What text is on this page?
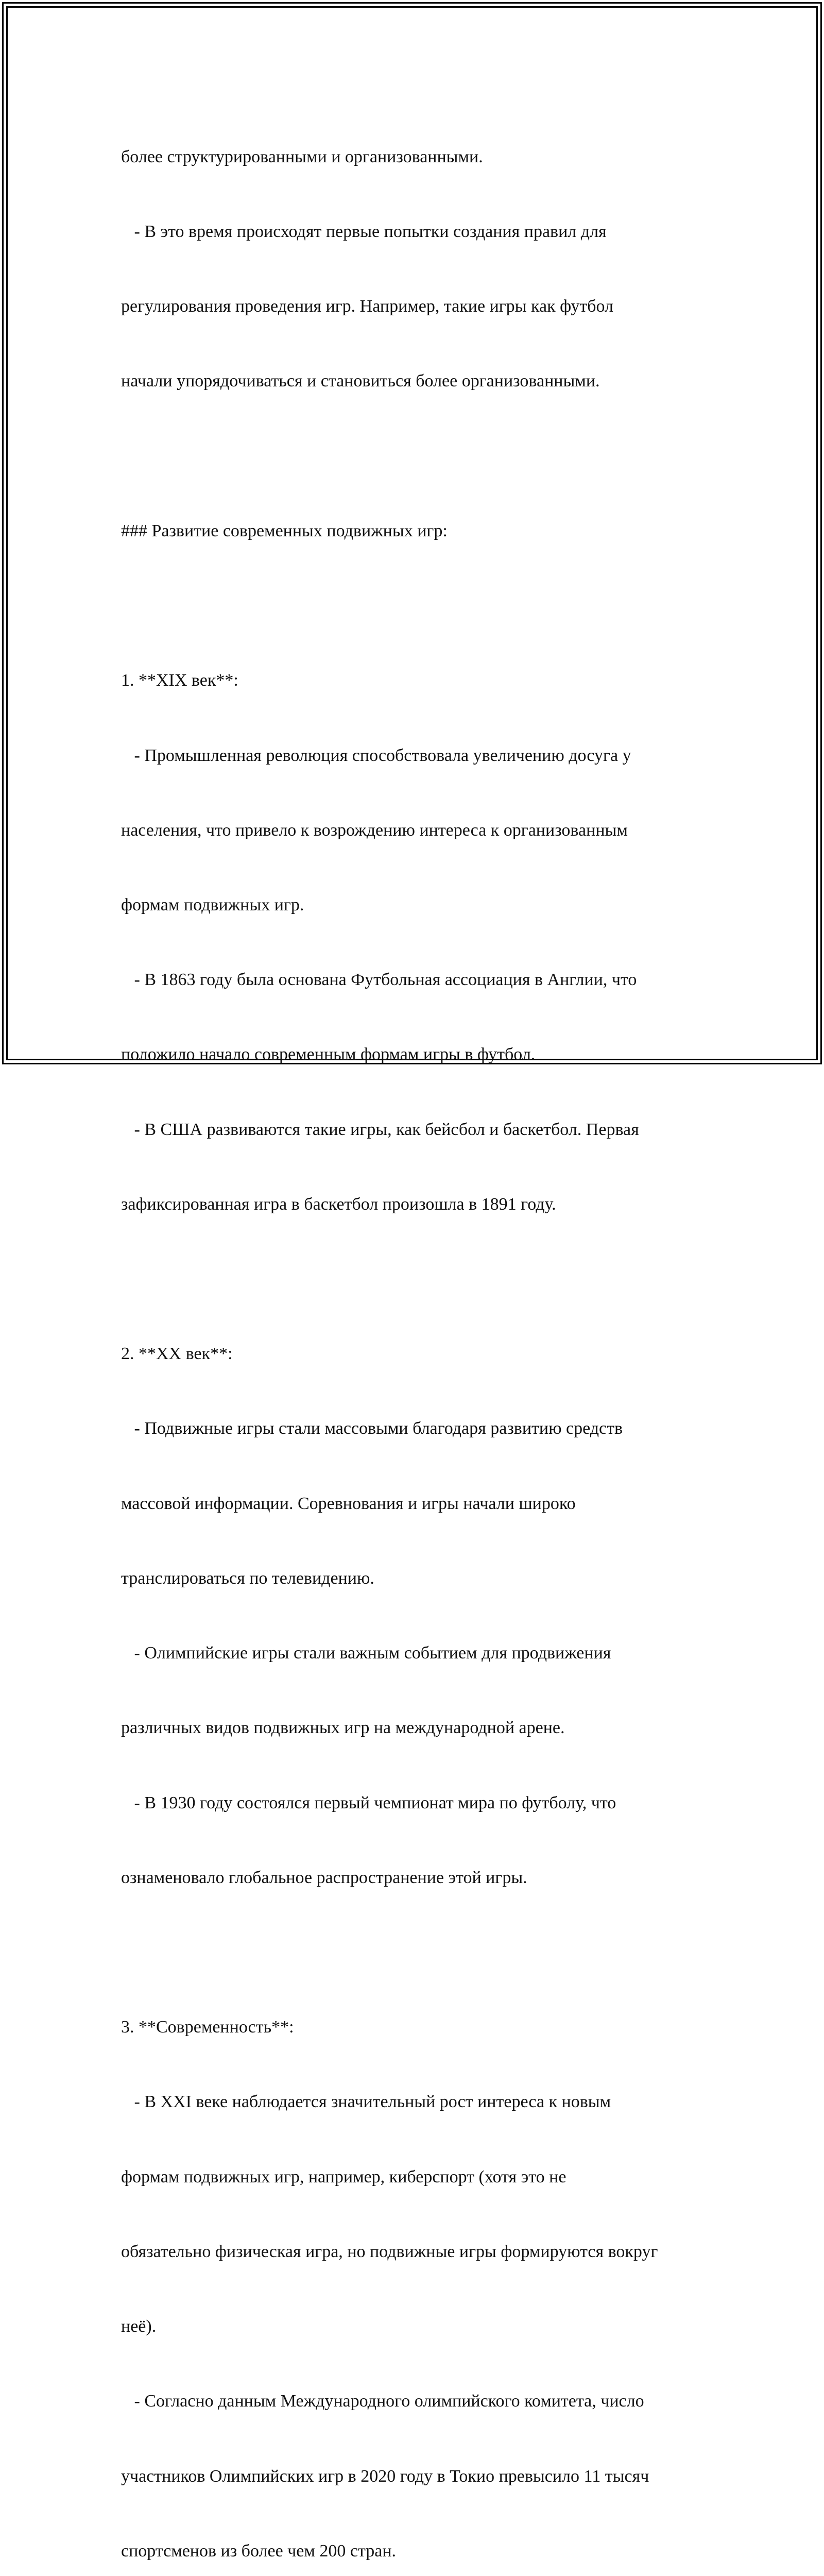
более структурированными и организованными.

- В это время происходят первые попытки создания правил для

регулирования проведения игр. Например, такие игры как футбол

начали упорядочиваться и становиться более организованными.

### Развитие современных подвижных игр:

1. **XIX век**:

- Промышленная революция способствовала увеличению досуга у

населения, что привело к возрождению интереса к организованным

формам подвижных игр.

- В 1863 году была основана Футбольная ассоциация в Англии, что

положило начало современным формам игры в футбол.

- В США развиваются такие игры, как бейсбол и баскетбол. Первая

зафиксированная игра в баскетбол произошла в 1891 году.

2. **XX век**:

- Подвижные игры стали массовыми благодаря развитию средств

массовой информации. Соревнования и игры начали широко

транслироваться по телевидению.

- Олимпийские игры стали важным событием для продвижения

различных видов подвижных игр на международной арене.

- В 1930 году состоялся первый чемпионат мира по футболу, что

ознаменовало глобальное распространение этой игры.

3. **Современность**:

- В XXI веке наблюдается значительный рост интереса к новым

формам подвижных игр, например, киберспорт (хотя это не

обязательно физическая игра, но подвижные игры формируются вокруг

неё).

- Согласно данным Международного олимпийского комитета, число

участников Олимпийских игр в 2020 году в Токио превысило 11 тысяч

спортсменов из более чем 200 стран.
